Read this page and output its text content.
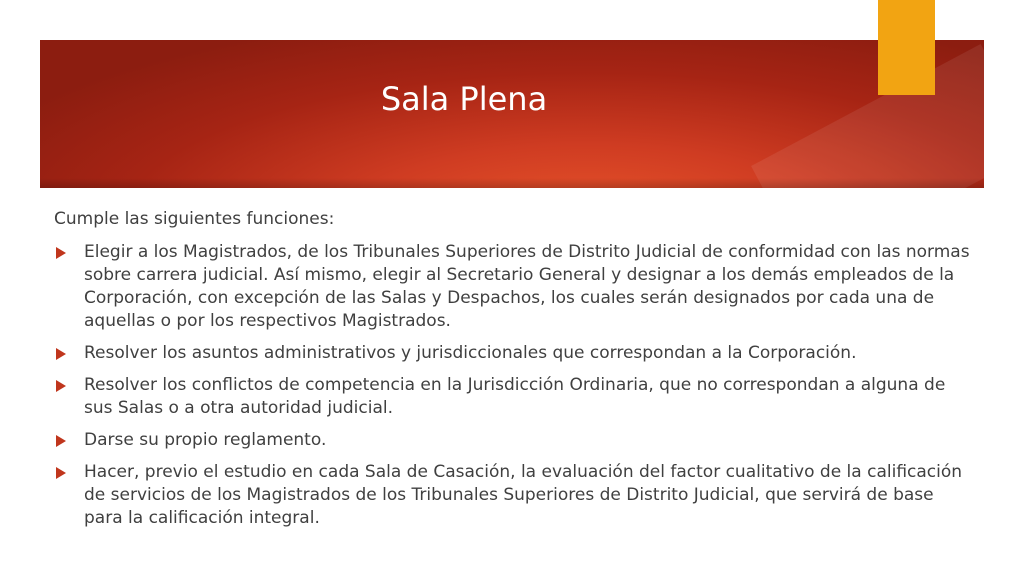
Sala Plena

Cumple las siguientes funciones:

Elegir a los Magistrados, de los Tribunales Superiores de Distrito Judicial de conformidad con las normas sobre carrera judicial. Así mismo, elegir al Secretario General y designar a los demás empleados de la Corporación, con excepción de las Salas y Despachos, los cuales serán designados por cada una de aquellas o por los respectivos Magistrados.
Resolver los asuntos administrativos y jurisdiccionales que correspondan a la Corporación.
Resolver los conflictos de competencia en la Jurisdicción Ordinaria, que no correspondan a alguna de sus Salas o a otra autoridad judicial.
Darse su propio reglamento.
Hacer, previo el estudio en cada Sala de Casación, la evaluación del factor cualitativo de la calificación de servicios de los Magistrados de los Tribunales Superiores de Distrito Judicial, que servirá de base para la calificación integral.
